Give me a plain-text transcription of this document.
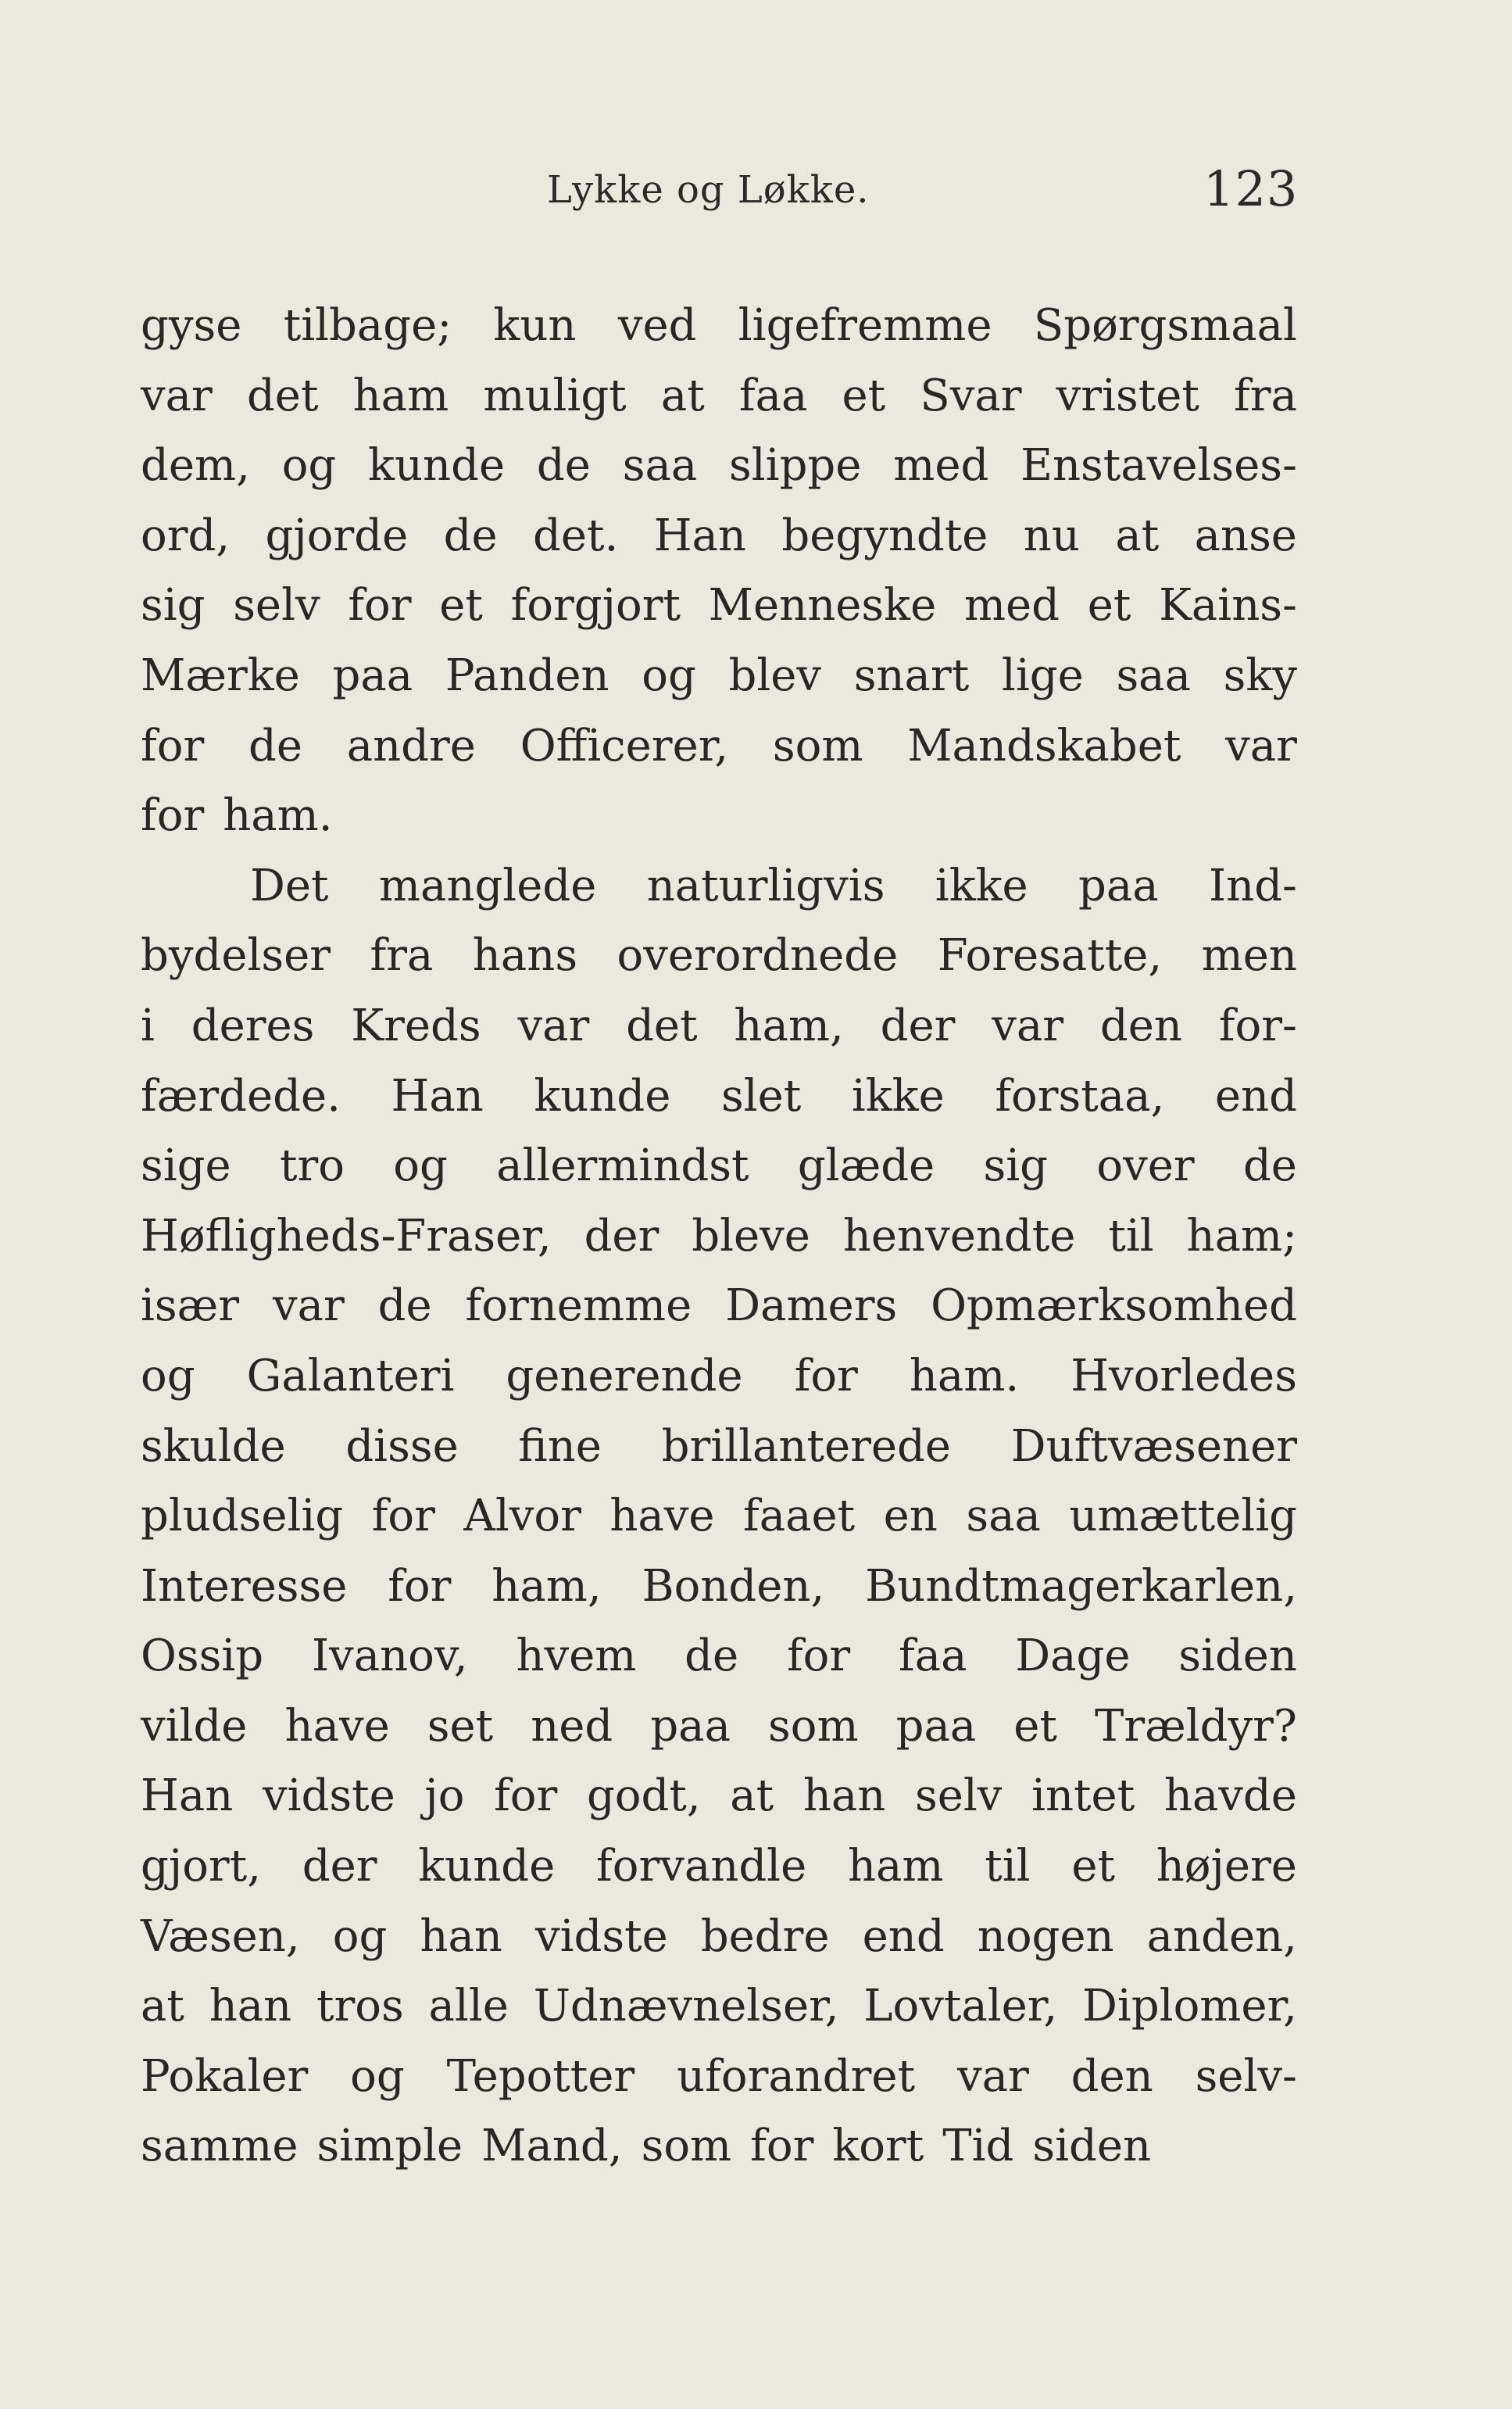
Lykke og Løkke.	123
gyse tilbage; kun ved ligefremme Spørgsmaal
var det ham muligt at faa et Svar vristet fra
dem, og kunde de saa slippe med Enstavelses-
ord, gjorde de det. Han begyndte nu at anse
sig selv for et forgjort Menneske med et Kains-
Mærke paa Panden og blev snart lige saa sky
for de andre Officerer, som Mandskabet var
for ham.
Det manglede naturligvis ikke paa Ind-
bydelser fra hans overordnede Foresatte, men
i deres Kreds var det ham, der var den for-
færdede. Han kunde slet ikke forstaa, end
sige tro og allermindst glæde sig over de
Høfligheds-Fraser, der bleve henvendte til ham;
især var de fornemme Damers Opmærksomhed
og Galanteri generende for ham. Hvorledes
skulde disse fine brillanterede Duftvæsener
pludselig for Alvor have faaet en saa umættelig
Interesse for ham, Bonden, Bundtmagerkarlen,
Ossip Ivanov, hvem de for faa Dage siden
vilde have set ned paa som paa et Trældyr?
Han vidste jo for godt, at han selv intet havde
gjort, der kunde forvandle ham til et højere
Væsen, og han vidste bedre end nogen anden,
at han tros alle Udnævnelser, Lovtaler, Diplomer,
Pokaler og Tepotter uforandret var den selv-
samme simple Mand, som for kort Tid siden
